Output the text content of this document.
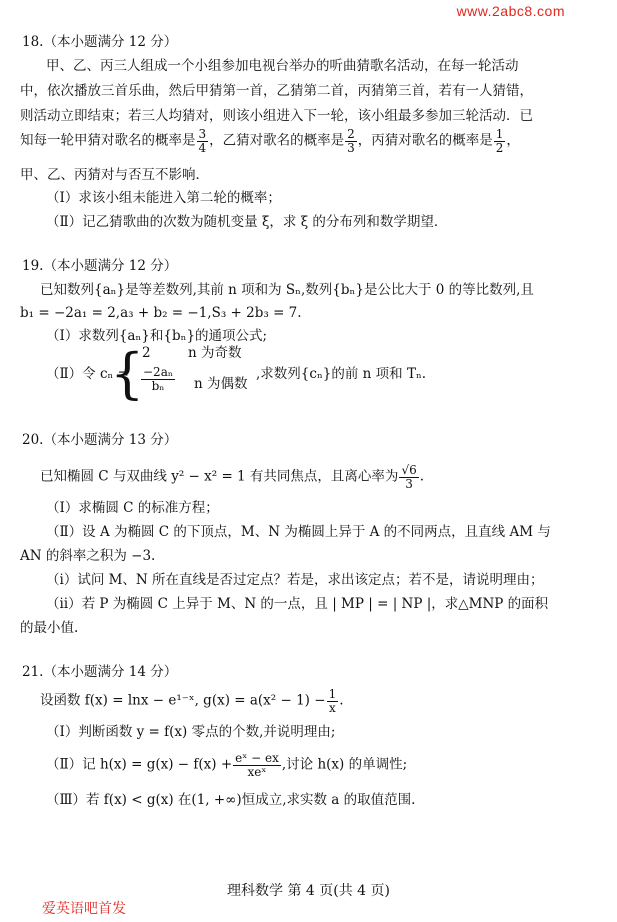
www.2abc8.com
18.（本小题满分 12 分）
甲、乙、丙三人组成一个小组参加电视台举办的听曲猜歌名活动，在每一轮活动
中，依次播放三首乐曲，然后甲猜第一首，乙猜第二首，丙猜第三首，若有一人猜错，
则活动立即结束；若三人均猜对，则该小组进入下一轮，该小组最多参加三轮活动．已
知每一轮甲猜对歌名的概率是 $\frac{3}{4}$ ，乙猜对歌名的概率是 $\frac{2}{3}$ ，丙猜对歌名的概率是 $\frac{1}{2}$ ，
甲、乙、丙猜对与否互不影响．
（Ⅰ）求该小组未能进入第二轮的概率；
（Ⅱ）记乙猜歌曲的次数为随机变量 ξ，求 ξ 的分布列和数学期望．
19.（本小题满分 12 分）
已知数列{aₙ}是等差数列,其前 n 项和为 Sₙ,数列{bₙ}是公比大于 0 的等比数列,且
b₁ = −2a₁ = 2,a₃ + b₂ = −1,S₃ + 2b₃ = 7.
（Ⅰ）求数列{aₙ}和{bₙ}的通项公式;
（Ⅱ）令 cₙ =
{
2	n 为奇数
$\frac{\text{−2aₙ}}{\text{bₙ}}$ n 为偶数
,求数列{cₙ}的前 n 项和 Tₙ.
20.（本小题满分 13 分）
已知椭圆 C 与双曲线 y² − x² = 1 有共同焦点，且离心率为 $\frac{√6}{3}$ .
（Ⅰ）求椭圆 C 的标准方程；
（Ⅱ）设 A 为椭圆 C 的下顶点，M、N 为椭圆上异于 A 的不同两点，且直线 AM 与
AN 的斜率之积为 −3.
（ⅰ）试问 M、N 所在直线是否过定点？若是，求出该定点；若不是，请说明理由；
（ⅱ）若 P 为椭圆 C 上异于 M、N 的一点，且 | MP | = | NP |，求△MNP 的面积
的最小值.
21.（本小题满分 14 分）
设函数 f(x) = lnx − e¹⁻ˣ, $g(x) = a(x^2 - 1) - \frac{1}{x}$ .
（Ⅰ）判断函数 y = f(x) 零点的个数,并说明理由;
（Ⅱ）记 $h(x) = g(x) - f(x) + \frac{\text{eˣ − ex}}{\text{xeˣ}}$ ,讨论 h(x) 的单调性;
（Ⅲ）若 f(x) < g(x) 在(1, +∞)恒成立,求实数 a 的取值范围.
理科数学 第 4 页(共 4 页)
爱英语吧首发
